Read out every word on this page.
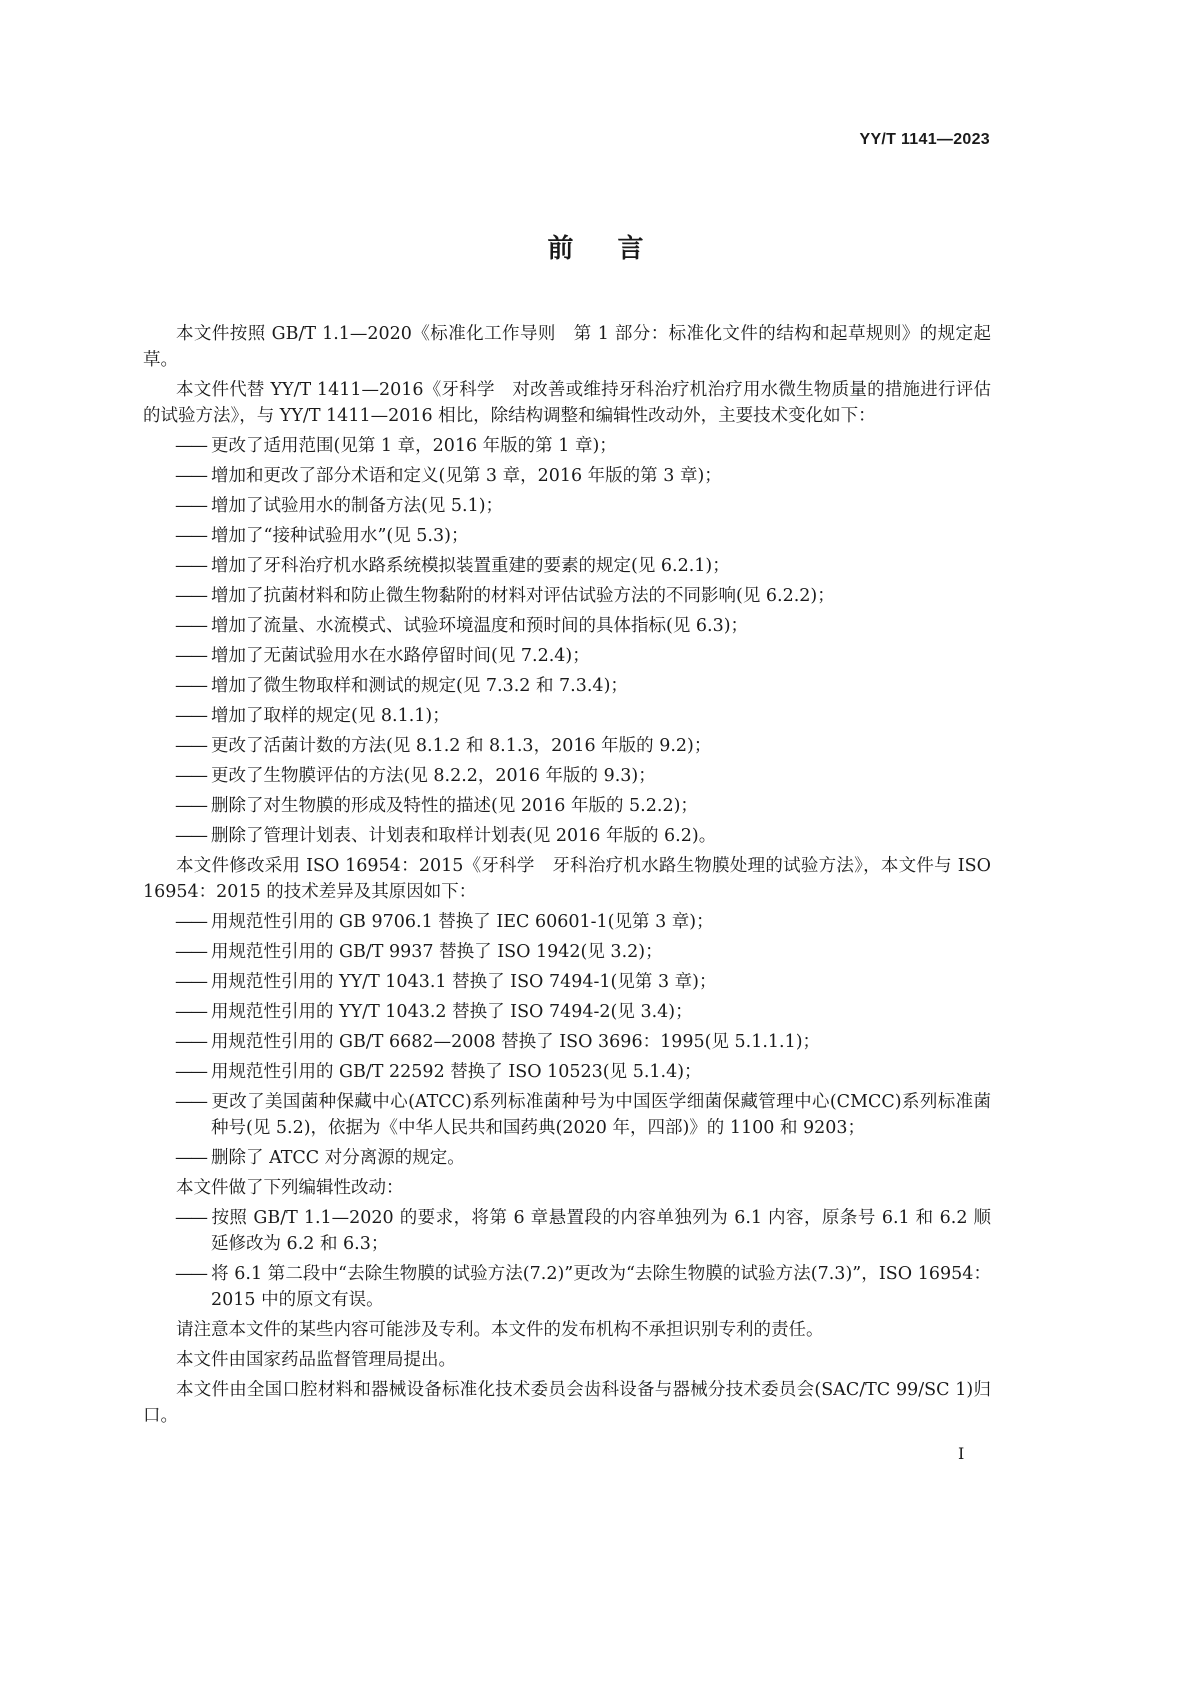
YY/T 1141—2023
前 言

本文件按照 GB/T 1.1—2020《标准化工作导则　第 1 部分：标准化文件的结构和起草规则》的规定起草。

本文件代替 YY/T 1411—2016《牙科学　对改善或维持牙科治疗机治疗用水微生物质量的措施进行评估的试验方法》，与 YY/T 1411—2016 相比，除结构调整和编辑性改动外，主要技术变化如下：

—— 更改了适用范围(见第 1 章，2016 年版的第 1 章)；

—— 增加和更改了部分术语和定义(见第 3 章，2016 年版的第 3 章)；

—— 增加了试验用水的制备方法(见 5.1)；

—— 增加了“接种试验用水”(见 5.3)；

—— 增加了牙科治疗机水路系统模拟装置重建的要素的规定(见 6.2.1)；

—— 增加了抗菌材料和防止微生物黏附的材料对评估试验方法的不同影响(见 6.2.2)；

—— 增加了流量、水流模式、试验环境温度和预时间的具体指标(见 6.3)；

—— 增加了无菌试验用水在水路停留时间(见 7.2.4)；

—— 增加了微生物取样和测试的规定(见 7.3.2 和 7.3.4)；

—— 增加了取样的规定(见 8.1.1)；

—— 更改了活菌计数的方法(见 8.1.2 和 8.1.3，2016 年版的 9.2)；

—— 更改了生物膜评估的方法(见 8.2.2，2016 年版的 9.3)；

—— 删除了对生物膜的形成及特性的描述(见 2016 年版的 5.2.2)；

—— 删除了管理计划表、计划表和取样计划表(见 2016 年版的 6.2)。

本文件修改采用 ISO 16954：2015《牙科学　牙科治疗机水路生物膜处理的试验方法》，本文件与 ISO 16954：2015 的技术差异及其原因如下：

—— 用规范性引用的 GB 9706.1 替换了 IEC 60601-1(见第 3 章)；

—— 用规范性引用的 GB/T 9937 替换了 ISO 1942(见 3.2)；

—— 用规范性引用的 YY/T 1043.1 替换了 ISO 7494-1(见第 3 章)；

—— 用规范性引用的 YY/T 1043.2 替换了 ISO 7494-2(见 3.4)；

—— 用规范性引用的 GB/T 6682—2008 替换了 ISO 3696：1995(见 5.1.1.1)；

—— 用规范性引用的 GB/T 22592 替换了 ISO 10523(见 5.1.4)；

—— 更改了美国菌种保藏中心(ATCC)系列标准菌种号为中国医学细菌保藏管理中心(CMCC)系列标准菌种号(见 5.2)，依据为《中华人民共和国药典(2020 年，四部)》的 1100 和 9203；

—— 删除了 ATCC 对分离源的规定。

本文件做了下列编辑性改动：

—— 按照 GB/T 1.1—2020 的要求，将第 6 章悬置段的内容单独列为 6.1 内容，原条号 6.1 和 6.2 顺延修改为 6.2 和 6.3；

—— 将 6.1 第二段中“去除生物膜的试验方法(7.2)”更改为“去除生物膜的试验方法(7.3)”，ISO 16954：2015 中的原文有误。

请注意本文件的某些内容可能涉及专利。本文件的发布机构不承担识别专利的责任。

本文件由国家药品监督管理局提出。

本文件由全国口腔材料和器械设备标准化技术委员会齿科设备与器械分技术委员会(SAC/TC 99/SC 1)归口。

I
